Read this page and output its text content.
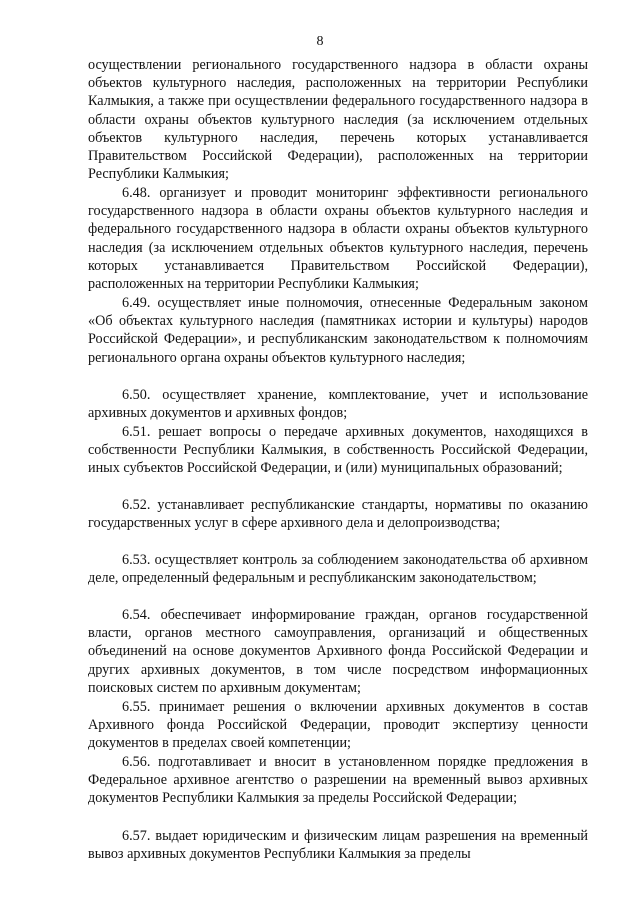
8

осуществлении регионального государственного надзора в области охраны объектов культурного наследия, расположенных на территории Республики Калмыкия, а также при осуществлении федерального государственного надзора в области охраны объектов культурного наследия (за исключением отдельных объектов культурного наследия, перечень которых устанавливается Правительством Российской Федерации), расположенных на территории Республики Калмыкия;

6.48. организует и проводит мониторинг эффективности регионального государственного надзора в области охраны объектов культурного наследия и федерального государственного надзора в области охраны объектов культурного наследия (за исключением отдельных объектов культурного наследия, перечень которых устанавливается Правительством Российской Федерации), расположенных на территории Республики Калмыкия;

6.49. осуществляет иные полномочия, отнесенные Федеральным законом «Об объектах культурного наследия (памятниках истории и культуры) народов Российской Федерации», и республиканским законодательством к полномочиям регионального органа охраны объектов культурного наследия;

6.50. осуществляет хранение, комплектование, учет и использование архивных документов и архивных фондов;

6.51. решает вопросы о передаче архивных документов, находящихся в собственности Республики Калмыкия, в собственность Российской Федерации, иных субъектов Российской Федерации, и (или) муниципальных образований;

6.52. устанавливает республиканские стандарты, нормативы по оказанию государственных услуг в сфере архивного дела и делопроизводства;

6.53. осуществляет контроль за соблюдением законодательства об архивном деле, определенный федеральным и республиканским законодательством;

6.54. обеспечивает информирование граждан, органов государственной власти, органов местного самоуправления, организаций и общественных объединений на основе документов Архивного фонда Российской Федерации и других архивных документов, в том числе посредством информационных поисковых систем по архивным документам;

6.55. принимает решения о включении архивных документов в состав Архивного фонда Российской Федерации, проводит экспертизу ценности документов в пределах своей компетенции;

6.56. подготавливает и вносит в установленном порядке предложения в Федеральное архивное агентство о разрешении на временный вывоз архивных документов Республики Калмыкия за пределы Российской Федерации;

6.57. выдает юридическим и физическим лицам разрешения на временный вывоз архивных документов Республики Калмыкия за пределы
